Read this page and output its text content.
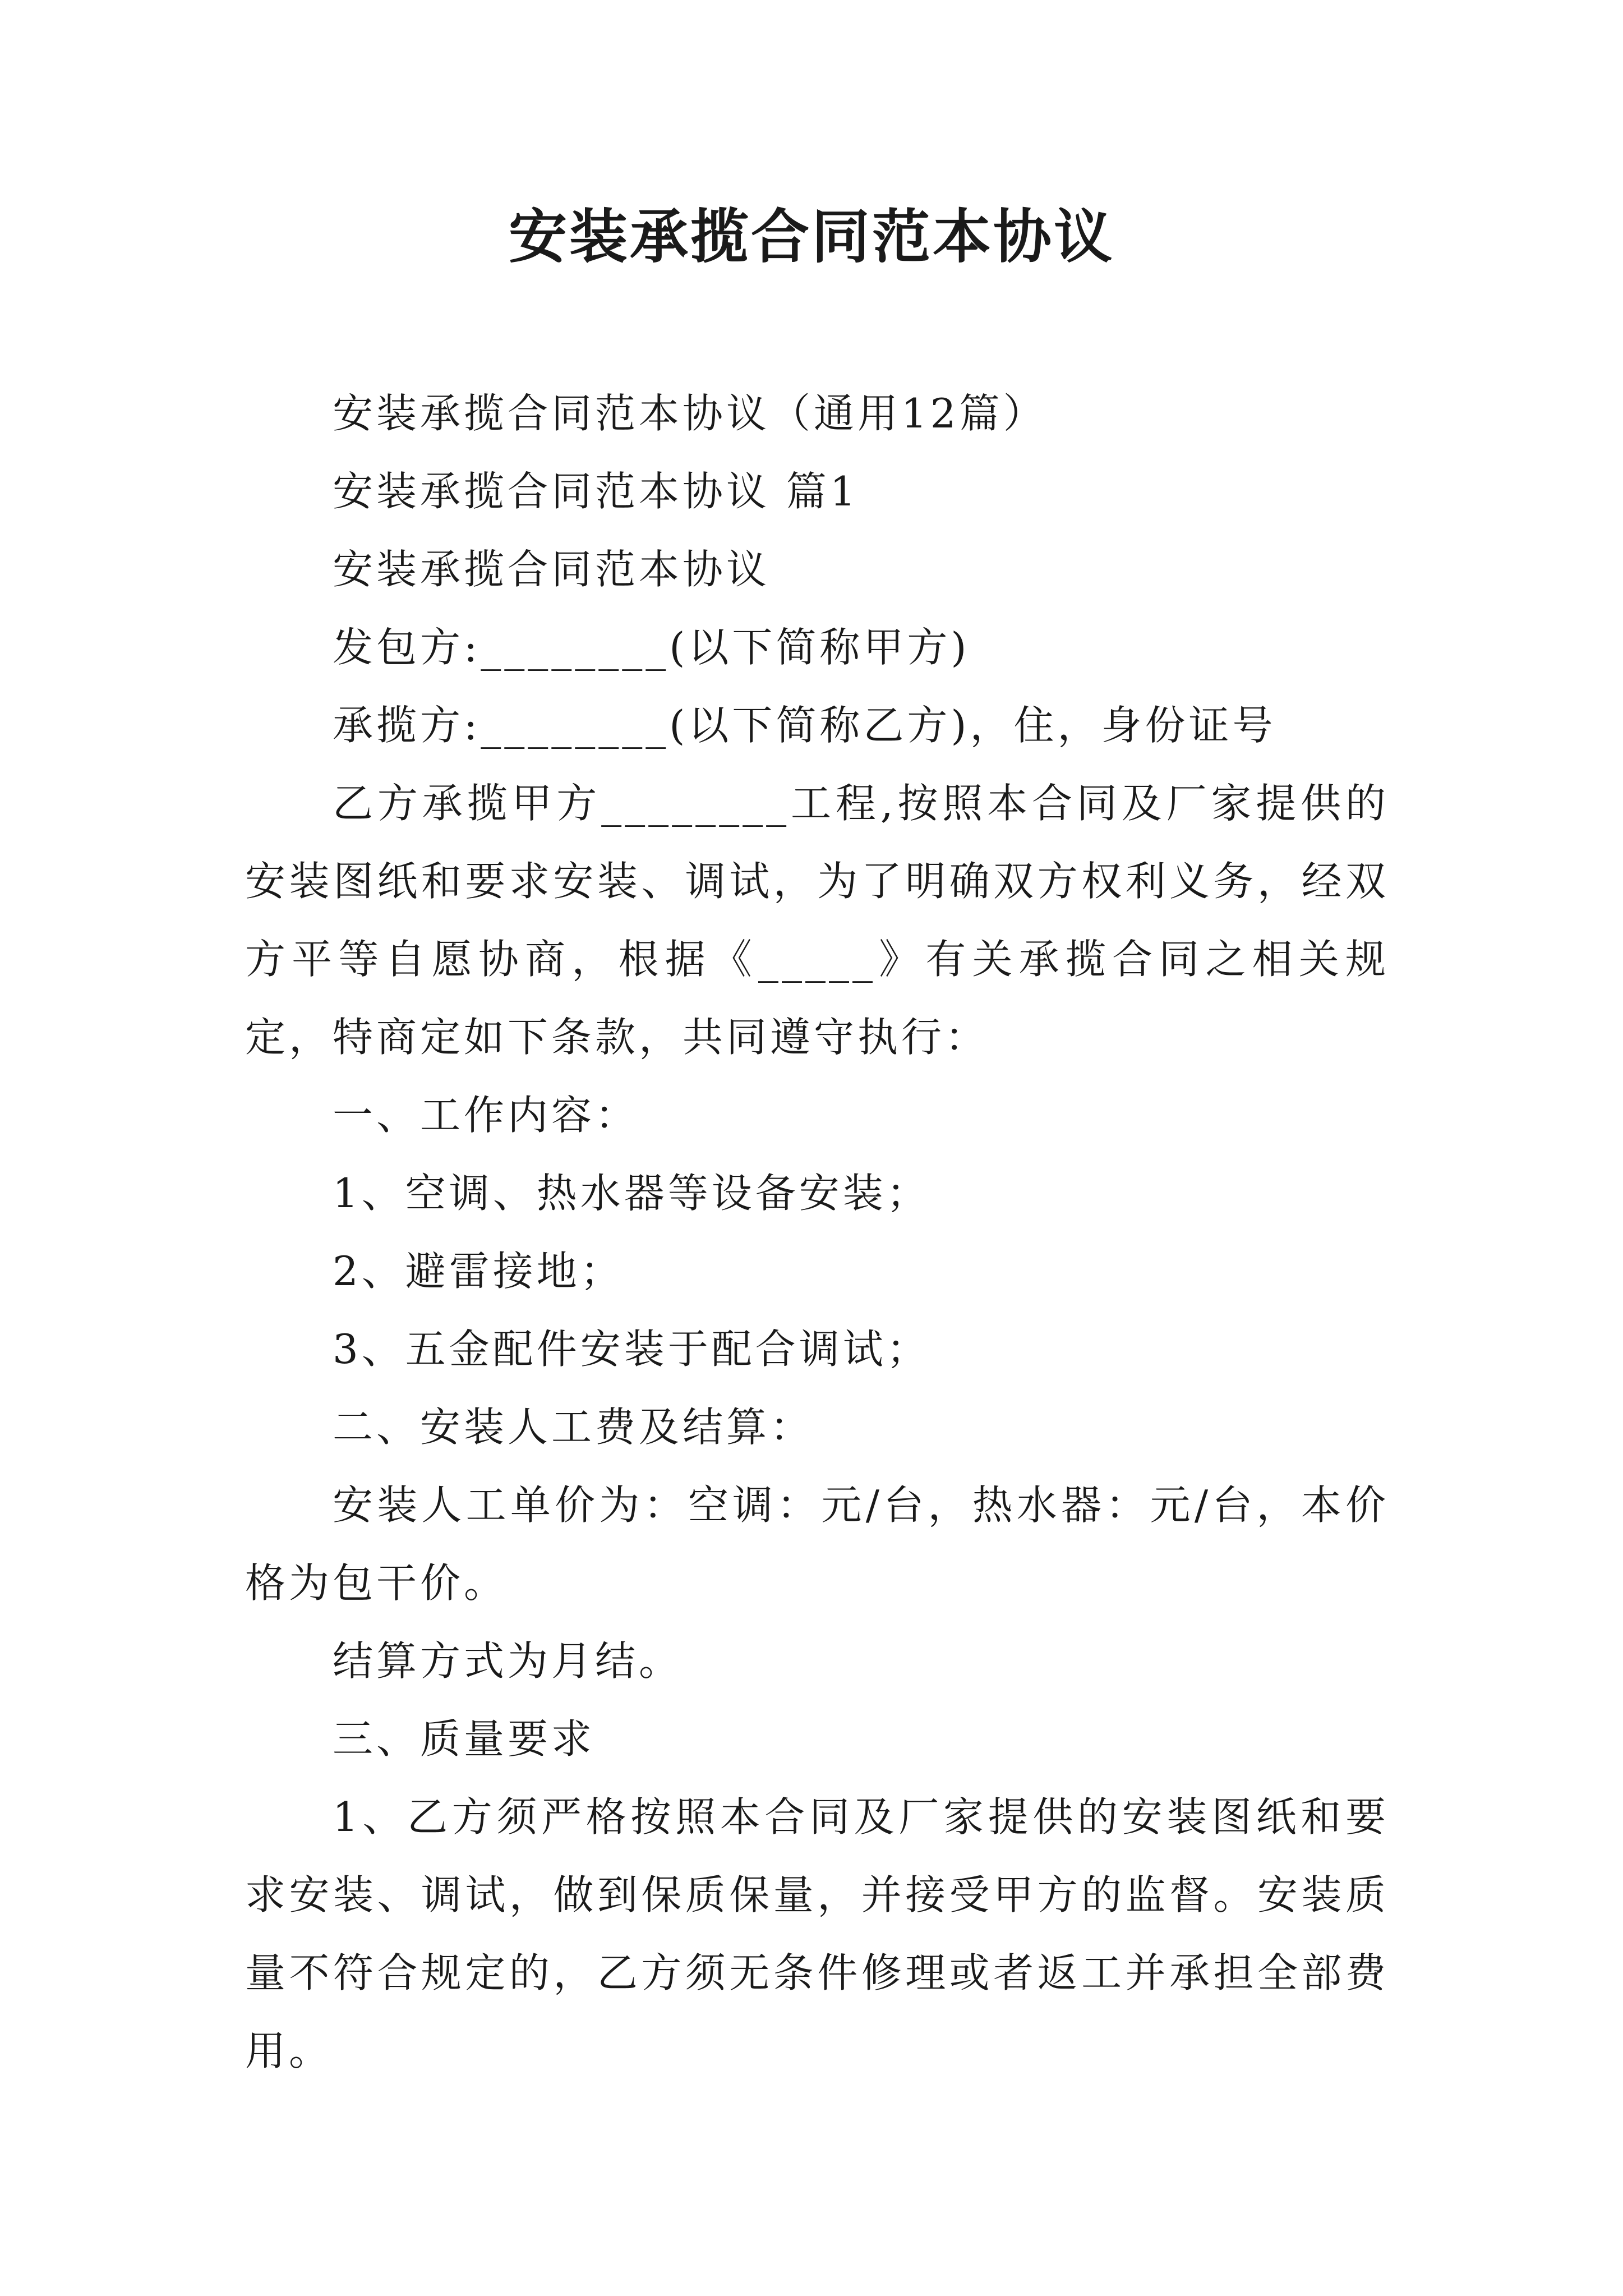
安装承揽合同范本协议

安装承揽合同范本协议（通用12篇）

安装承揽合同范本协议 篇1

安装承揽合同范本协议

发包方:________(以下简称甲方)

承揽方:________(以下简称乙方)，住，身份证号

乙方承揽甲方________工程,按照本合同及厂家提供的安装图纸和要求安装、调试，为了明确双方权利义务，经双方平等自愿协商，根据《_____》有关承揽合同之相关规定，特商定如下条款，共同遵守执行：

一、工作内容：

1、空调、热水器等设备安装；

2、避雷接地；

3、五金配件安装于配合调试；

二、安装人工费及结算：

安装人工单价为：空调：元/台，热水器：元/台，本价格为包干价。

结算方式为月结。

三、质量要求

1、乙方须严格按照本合同及厂家提供的安装图纸和要求安装、调试，做到保质保量，并接受甲方的监督。安装质量不符合规定的，乙方须无条件修理或者返工并承担全部费用。
